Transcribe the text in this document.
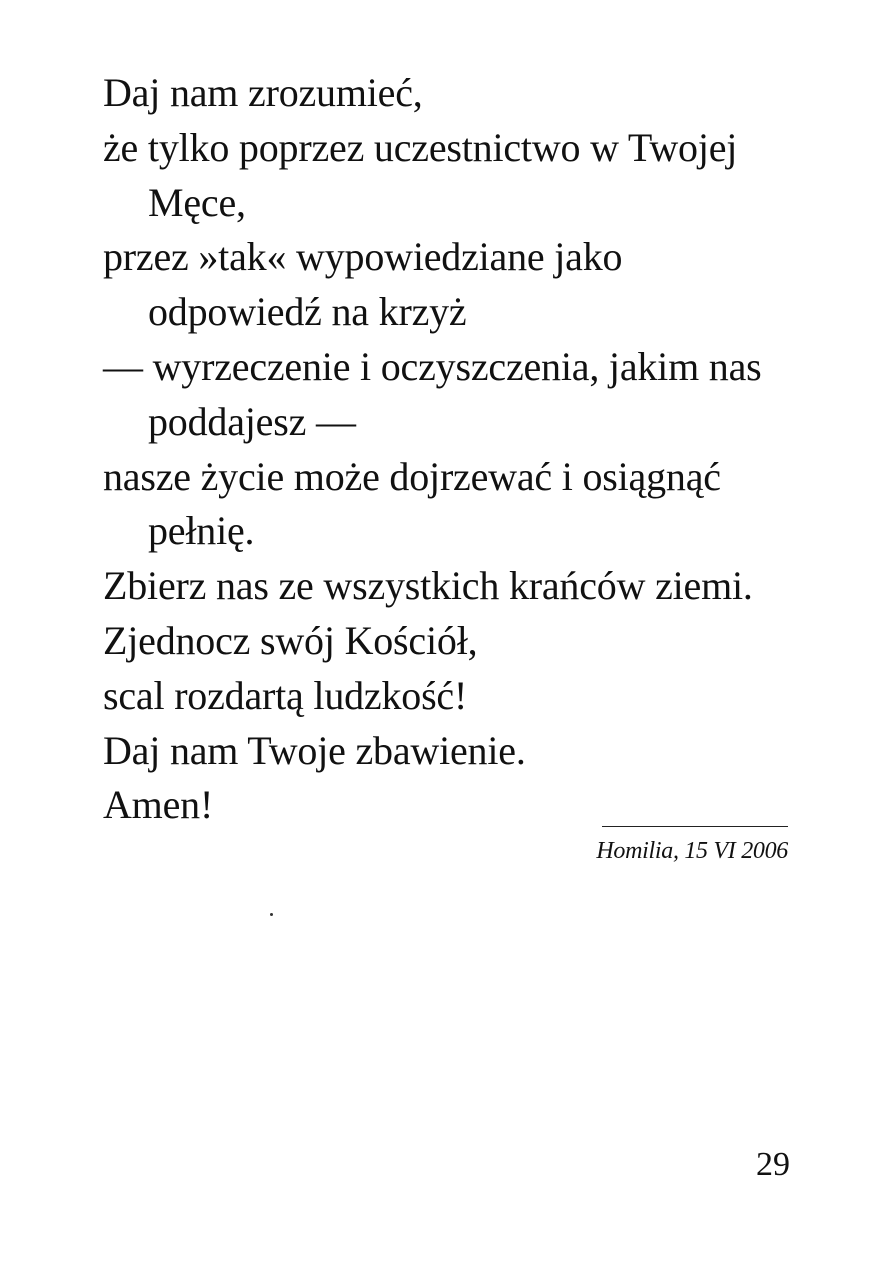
Daj nam zrozumieć,
że tylko poprzez uczestnictwo w Twojej
Męce,
przez »tak« wypowiedziane jako
odpowiedź na krzyż
— wyrzeczenie i oczyszczenia, jakim nas
poddajesz —
nasze życie może dojrzewać i osiągnąć
pełnię.
Zbierz nas ze wszystkich krańców ziemi.
Zjednocz swój Kościół,
scal rozdartą ludzkość!
Daj nam Twoje zbawienie.
Amen!
Homilia, 15 VI 2006
29
